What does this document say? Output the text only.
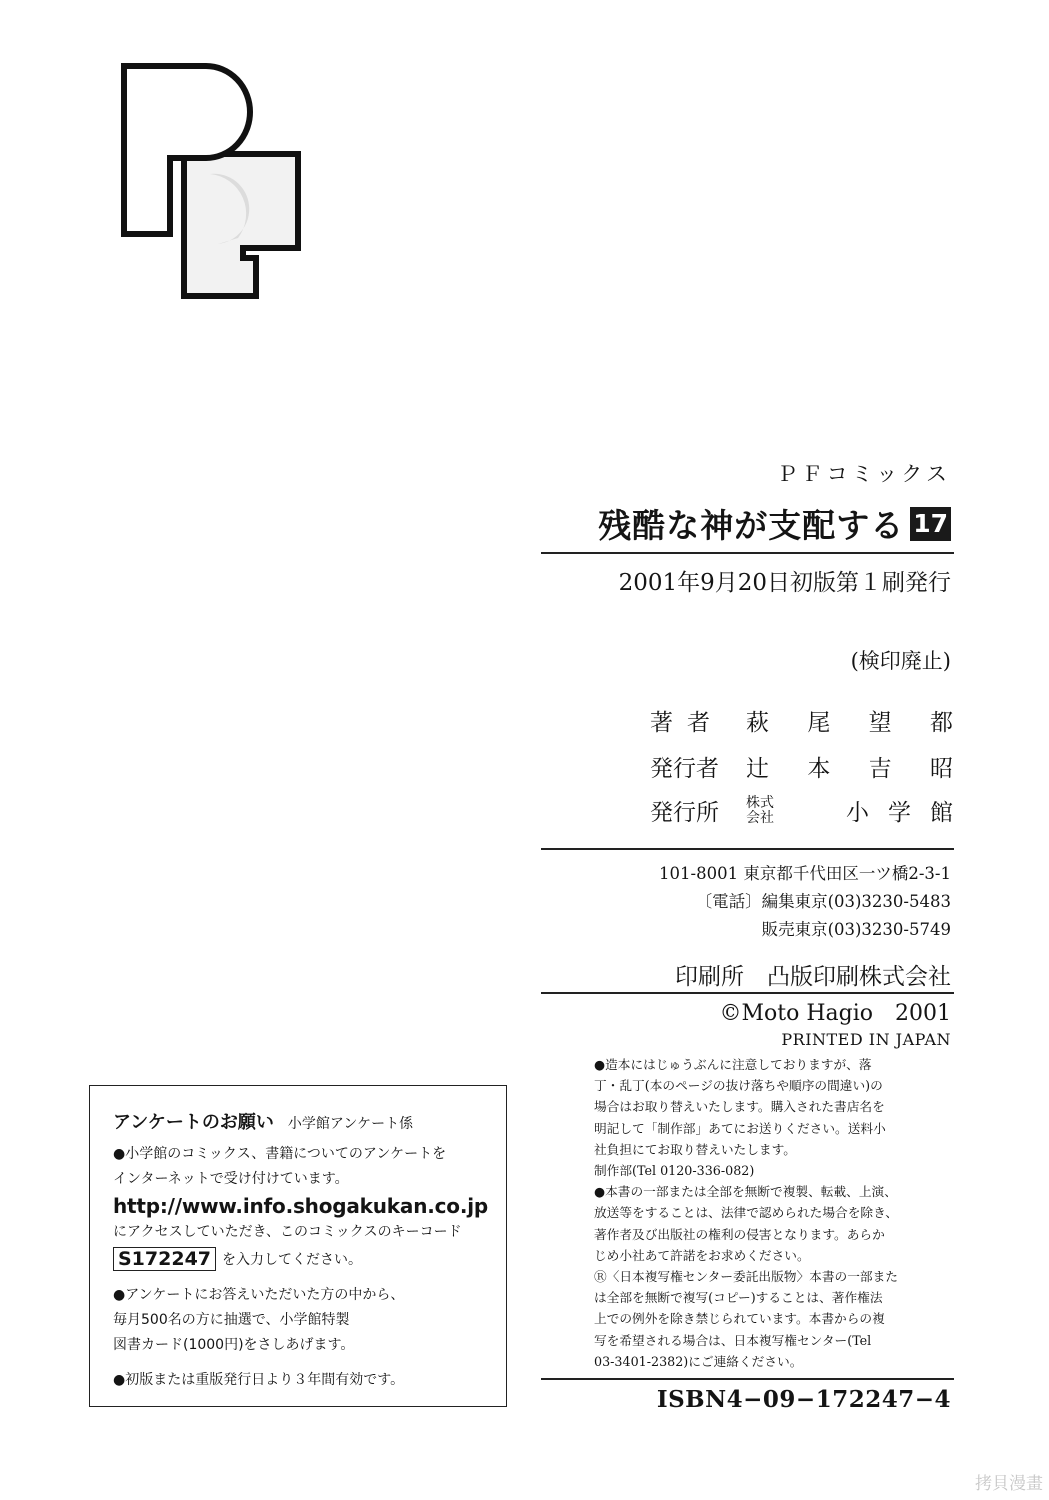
ＰＦコミックス
残酷な神が支配する 17
2001年9月20日初版第１刷発行
(検印廃止)
著者 萩 尾 望 都
発行者	辻 本 吉 昭
発行所	株式会社	小 学 館
101-8001 東京都千代田区一ツ橋2-3-1
〔電話〕編集東京(03)3230-5483
販売東京(03)3230-5749
印刷所　凸版印刷株式会社
©Moto Hagio　2001
PRINTED IN JAPAN

●造本にはじゅうぶんに注意しておりますが、落

丁・乱丁(本のページの抜け落ちや順序の間違い)の

場合はお取り替えいたします。購入された書店名を

明記して「制作部」あてにお送りください。送料小

社負担にてお取り替えいたします。

制作部(Tel 0120-336-082)

●本書の一部または全部を無断で複製、転載、上演、

放送等をすることは、法律で認められた場合を除き、

著作者及び出版社の権利の侵害となります。あらか

じめ小社あて許諾をお求めください。

Ⓡ〈日本複写権センター委託出版物〉本書の一部また

は全部を無断で複写(コピー)することは、著作権法

上での例外を除き禁じられています。本書からの複

写を希望される場合は、日本複写権センター(Tel

03-3401-2382)にご連絡ください。

ISBN4−09−172247−4
アンケートのお願い 小学館アンケート係
●小学館のコミックス、書籍についてのアンケートを
インターネットで受け付けています。
http://www.info.shogakukan.co.jp
にアクセスしていただき、このコミックスのキーコード
S172247 を入力してください。
●アンケートにお答えいただいた方の中から、
毎月500名の方に抽選で、小学館特製
図書カード(1000円)をさしあげます。
●初版または重版発行日より３年間有効です。
拷貝漫畫
